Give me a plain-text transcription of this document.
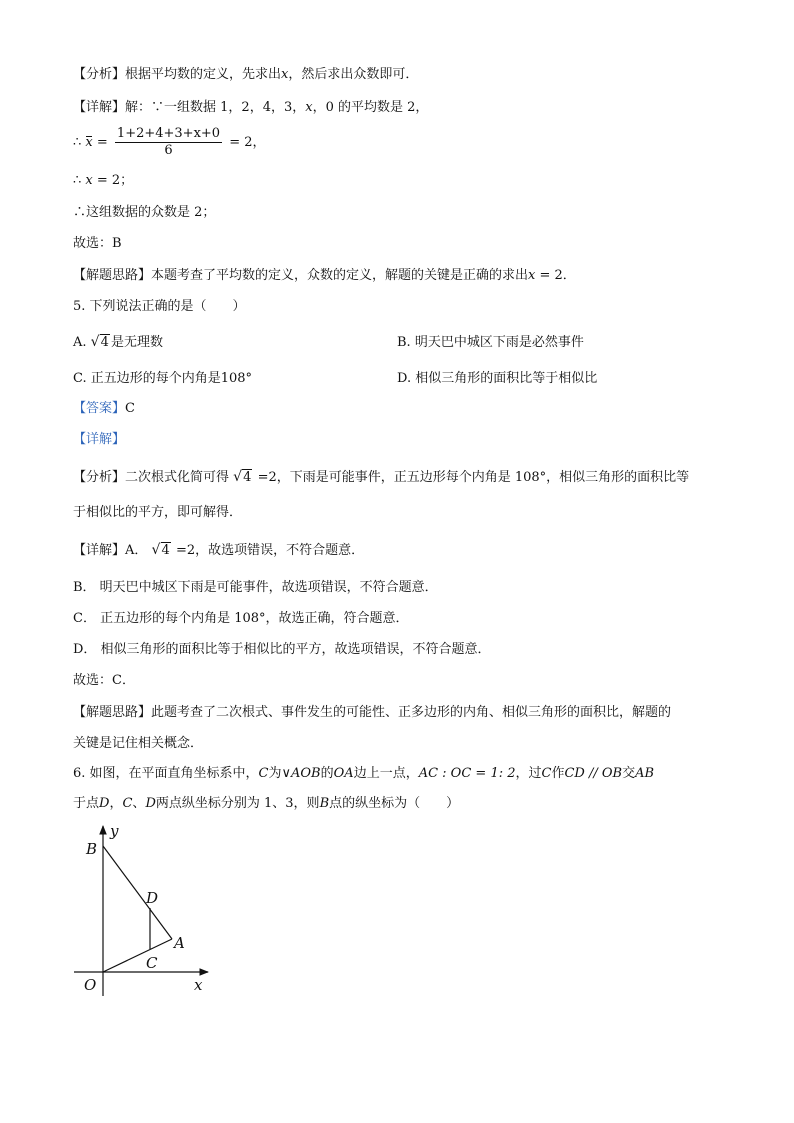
【分析】根据平均数的定义，先求出x，然后求出众数即可．
【详解】解：∵一组数据 1，2，4，3，x，0 的平均数是 2，
∴ $x = \frac{1+2+4+3+x+0}{6} = 2$，
∴ x = 2；
∴这组数据的众数是 2；
故选：B
【解题思路】本题考查了平均数的定义，众数的定义，解题的关键是正确的求出x = 2．
5. 下列说法正确的是（　　）
A. √ 4 是无理数	B. 明天巴中城区下雨是必然事件
C. 正五边形的每个内角是108°	D. 相似三角形的面积比等于相似比
【答案】C
【详解】
【分析】二次根式化简可得 √ 4 =2，下雨是可能事件，正五边形每个内角是 108°，相似三角形的面积比等
于相似比的平方，即可解得．
【详解】A． √ 4 =2，故选项错误，不符合题意．
B． 明天巴中城区下雨是可能事件，故选项错误，不符合题意．
C． 正五边形的每个内角是 108°，故选正确，符合题意．
D． 相似三角形的面积比等于相似比的平方，故选项错误，不符合题意．
故选：C．
【解题思路】此题考查了二次根式、事件发生的可能性、正多边形的内角、相似三角形的面积比，解题的
关键是记住相关概念．
6. 如图，在平面直角坐标系中，C为∨AOB的OA边上一点，AC : OC = 1: 2，过C作CD // OB交AB
于点D，C、D两点纵坐标分别为 1、3，则B点的纵坐标为（　　）
B
y
D
A
C
O	x
